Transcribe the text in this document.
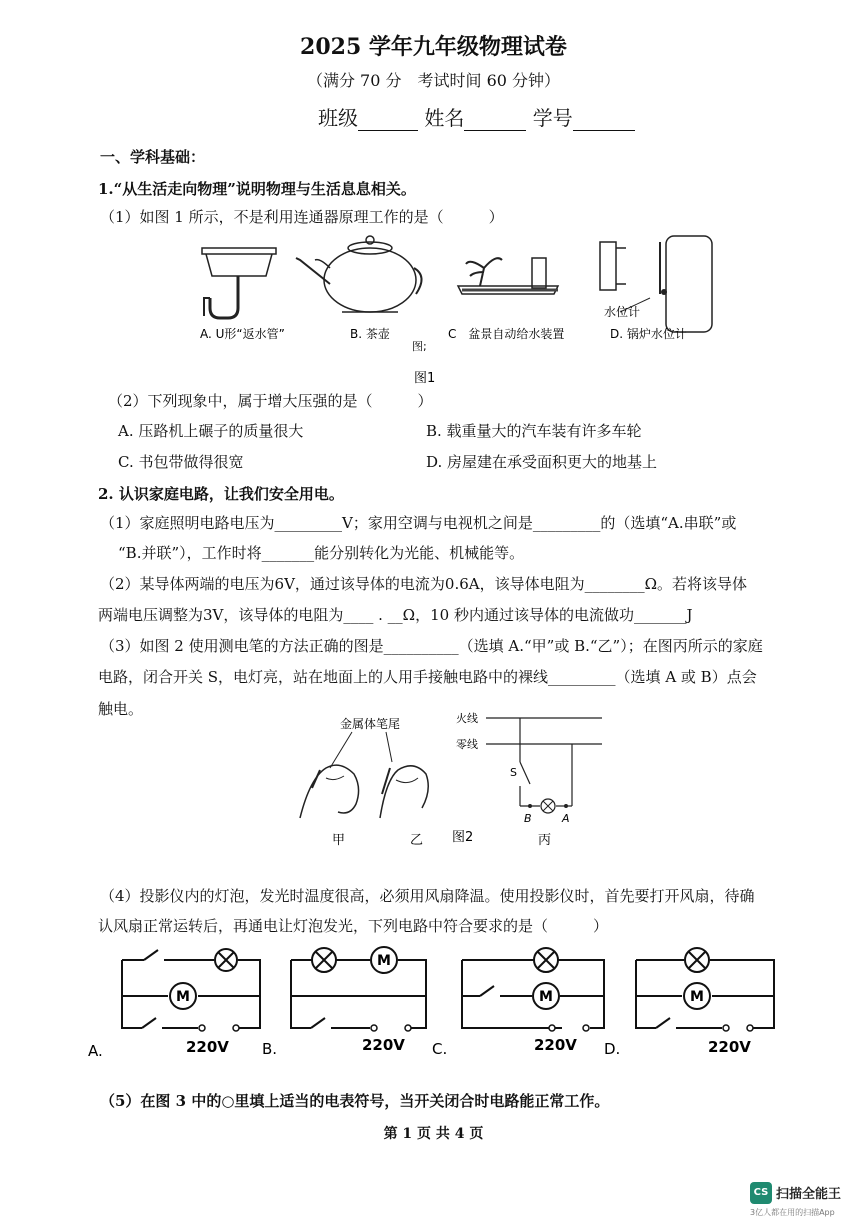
2025 学年九年级物理试卷
（满分 70 分　考试时间 60 分钟）
班级	姓名	学号
一、学科基础：
1.“从生活走向物理”说明物理与生活息息相关。
（1）如图 1 所示，不是利用连通器原理工作的是（　　　）
水位计
A. U形“返水管”	B. 茶壶	C　盆景自动给水装置	D. 锅炉水位计
图;
图1
（2）下列现象中，属于增大压强的是（　　　）
A. 压路机上碾子的质量很大	B. 载重量大的汽车装有许多车轮
C. 书包带做得很宽	D. 房屋建在承受面积更大的地基上
2. 认识家庭电路，让我们安全用电。
（1）家庭照明电路电压为_________V；家用空调与电视机之间是_________的（选填“A.串联”或
“B.并联”），工作时将_______能分别转化为光能、机械能等。
（2）某导体两端的电压为6V，通过该导体的电流为0.6A，该导体电阻为________Ω。若将该导体
两端电压调整为3V，该导体的电阻为____ . __Ω，10 秒内通过该导体的电流做功_______J
（3）如图 2 使用测电笔的方法正确的图是__________（选填 A.“甲”或 B.“乙”）；在图丙所示的家庭
电路，闭合开关 S，电灯亮，站在地面上的人用手接触电路中的裸线_________（选填 A 或 B）点会
触电。
金属体笔尾
甲	乙 图2	丙
火线
零线
S
B	A
（4）投影仪内的灯泡，发光时温度很高，必须用风扇降温。使用投影仪时，首先要打开风扇，待确
认风扇正常运转后，再通电让灯泡发光，下列电路中符合要求的是（　　　）
M
M
M	M
220V	220V	220V	220V
A.	B.	C.	D.
（5）在图 3 中的○里填上适当的电表符号，当开关闭合时电路能正常工作。
第 1 页 共 4 页
CS 扫描全能王
3亿人都在用的扫描App
